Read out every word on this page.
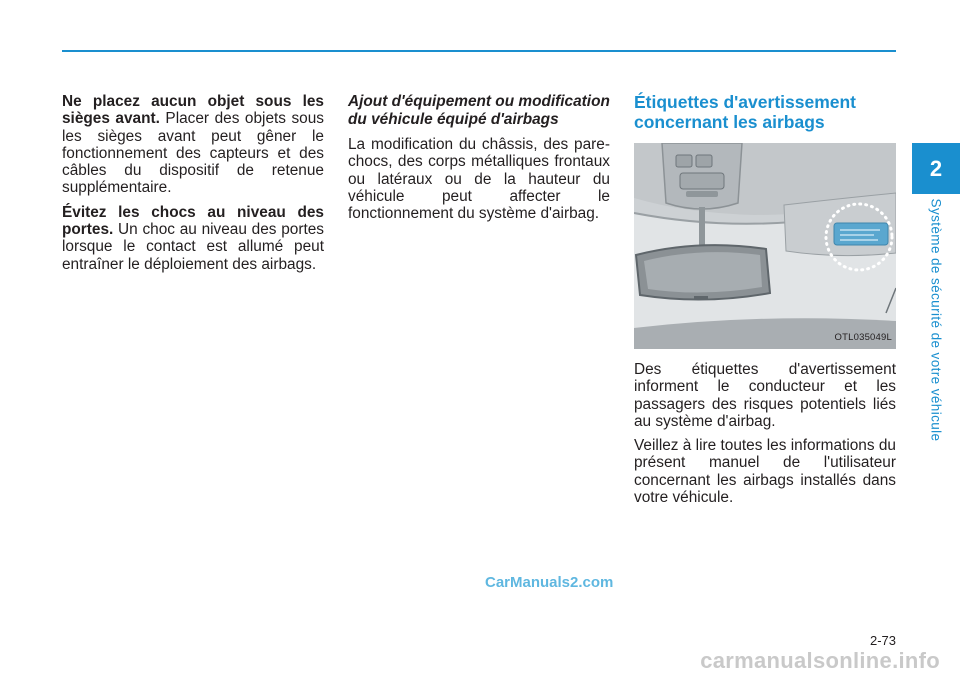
Ne placez aucun objet sous les sièges avant. Placer des objets sous les sièges avant peut gêner le fonctionnement des capteurs et des câbles du dispositif de retenue supplémentaire.

Évitez les chocs au niveau des portes. Un choc au niveau des portes lorsque le contact est allumé peut entraîner le déploiement des airbags.

Ajout d'équipement ou modification du véhicule équipé d'airbags

La modification du châssis, des pare-chocs, des corps métalliques frontaux ou latéraux ou de la hauteur du véhicule peut affecter le fonctionnement du système d'airbag.

Étiquettes d'avertissement concernant les airbags
OTL035049L

Des étiquettes d'avertissement informent le conducteur et les passagers des risques potentiels liés au système d'airbag.

Veillez à lire toutes les informations du présent manuel de l'utilisateur concernant les airbags installés dans votre véhicule.

2
Système de sécurité de votre véhicule
2-73
CarManuals2.com
carmanualsonline.info
